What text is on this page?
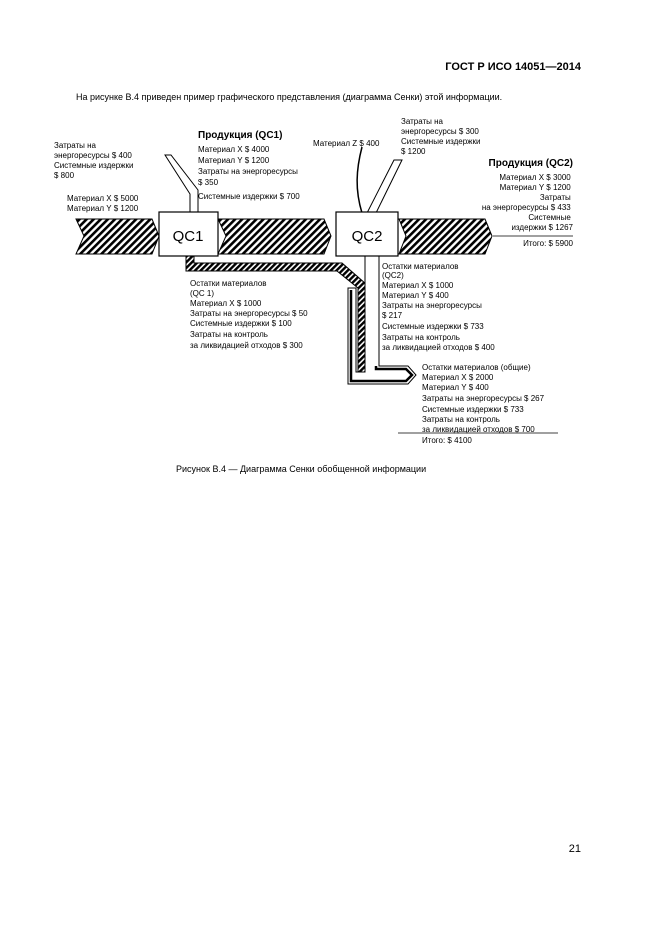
ГОСТ Р ИСО 14051—2014
На рисунке В.4 приведен пример графического представления (диаграмма Сенки) этой информации.
QC1	QC2
Затраты на энергоресурсы $ 400 Системные издержки $ 800
Материал X $ 5000 Материал Y $ 1200
Продукция (QC1)
Материал X $ 4000 Материал Y $ 1200 Затраты на энергоресурсы $ 350 Системные издержки $ 700
Материал Z $ 400
Затраты на энергоресурсы $ 300 Системные издержки $ 1200
Продукция (QC2)
Материал X $ 3000 Материал Y $ 1200 Затраты на энергоресурсы $ 433 Системные издержки $ 1267
Итого: $ 5900
Остатки материалов (QC 1) Материал X $ 1000 Затраты на энергоресурсы $ 50 Системные издержки $ 100 Затраты на контроль за ликвидацией отходов $ 300
Остатки материалов (QC2) Материал X $ 1000 Материал Y $ 400 Затраты на энергоресурсы $ 217 Системные издержки $ 733 Затраты на контроль за ликвидацией отходов $ 400
Остатки материалов (общие) Материал X $ 2000 Материал Y $ 400 Затраты на энергоресурсы $ 267 Системные издержки $ 733 Затраты на контроль за ликвидацией отходов $ 700
Итого: $ 4100
Рисунок В.4 — Диаграмма Сенки обобщенной информации
21
